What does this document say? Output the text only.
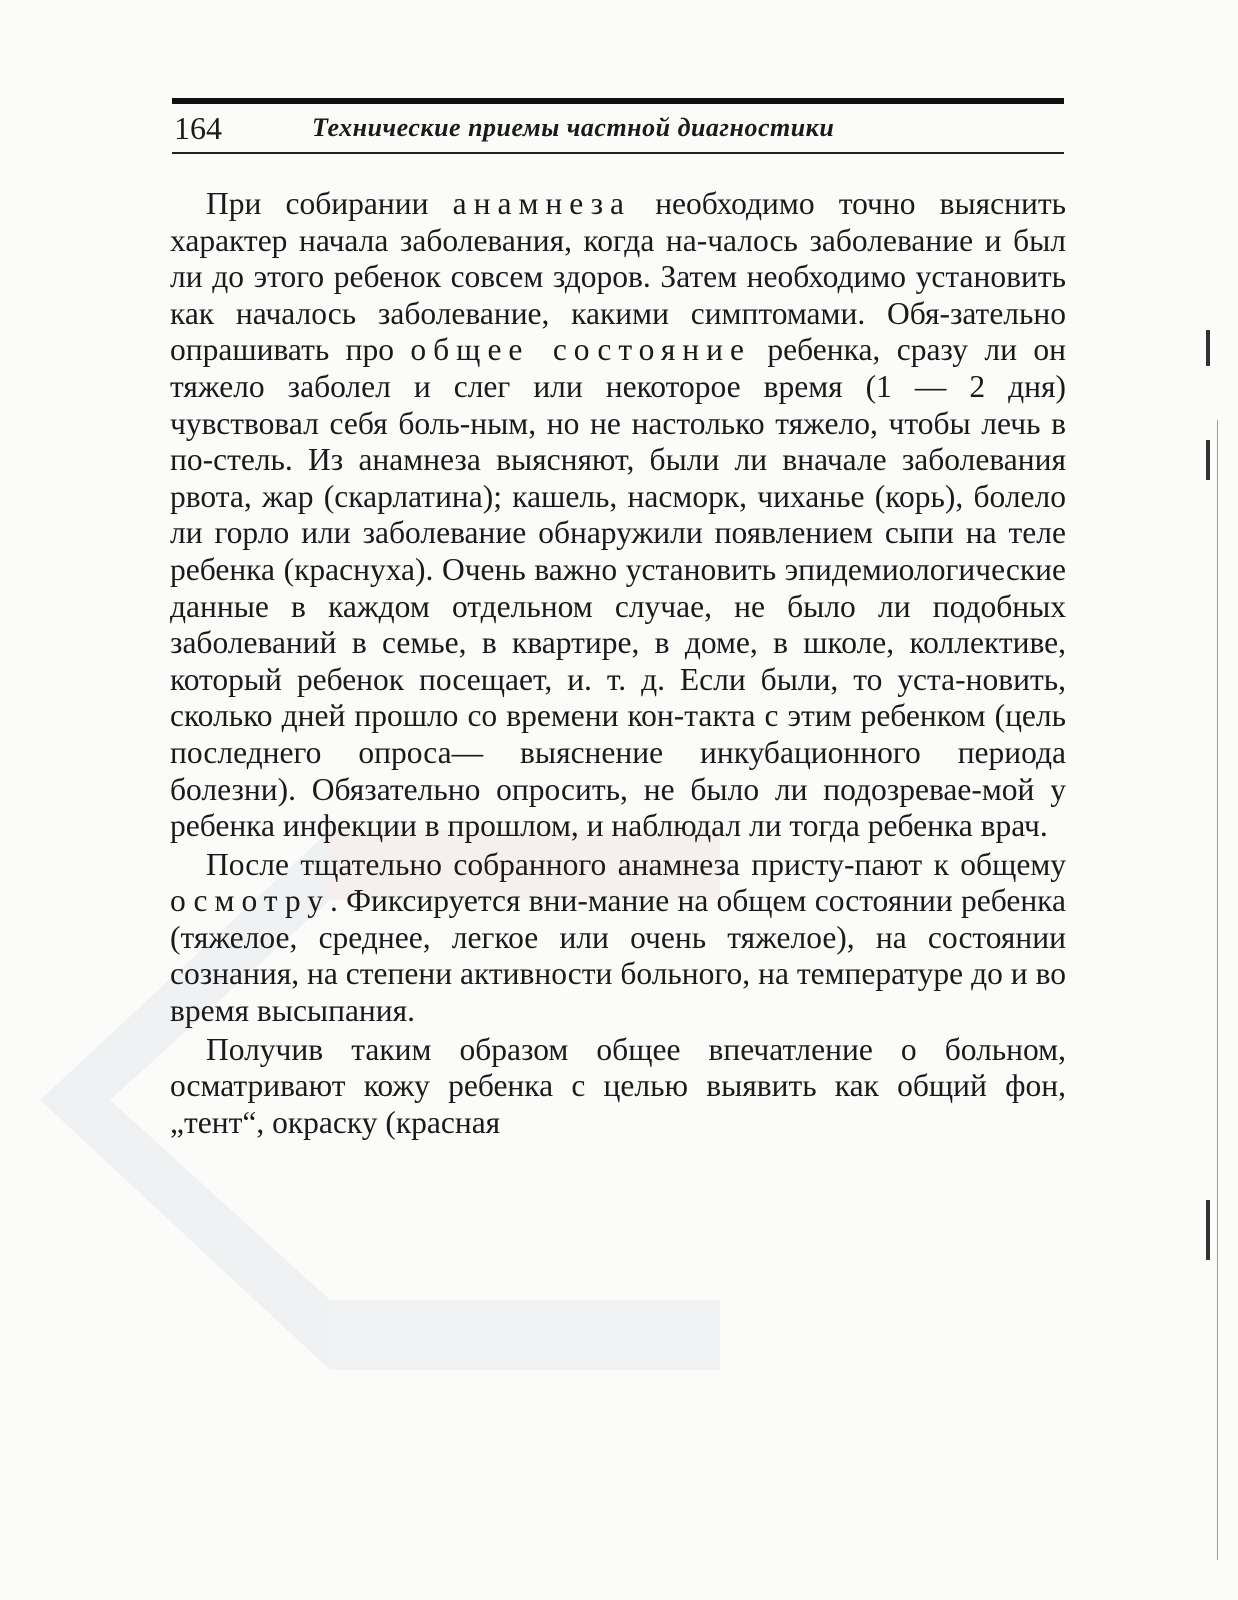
164	Технические приемы частной диагностики

При собирании анамнеза необходимо точно выяснить характер начала заболевания, когда на-чалось заболевание и был ли до этого ребенок совсем здоров. Затем необходимо установить как началось заболевание, какими симптомами. Обя-зательно опрашивать про общее состояние ребенка, сразу ли он тяжело заболел и слег или некоторое время (1 — 2 дня) чувствовал себя боль-ным, но не настолько тяжело, чтобы лечь в по-стель. Из анамнеза выясняют, были ли вначале заболевания рвота, жар (скарлатина); кашель, насморк, чиханье (корь), болело ли горло или заболевание обнаружили появлением сыпи на теле ребенка (краснуха). Очень важно установить эпидемиологические данные в каждом отдельном случае, не было ли подобных заболеваний в семье, в квартире, в доме, в школе, коллективе, который ребенок посещает, и. т. д. Если были, то уста-новить, сколько дней прошло со времени кон-такта с этим ребенком (цель последнего опроса— выяснение инкубационного периода болезни). Обязательно опросить, не было ли подозревае-мой у ребенка инфекции в прошлом, и наблюдал ли тогда ребенка врач.

После тщательно собранного анамнеза присту-пают к общему осмотру. Фиксируется вни-мание на общем состоянии ребенка (тяжелое, среднее, легкое или очень тяжелое), на состоянии сознания, на степени активности больного, на температуре до и во время высыпания.

Получив таким образом общее впечатление о больном, осматривают кожу ребенка с целью выявить как общий фон, „тент“, окраску (красная
